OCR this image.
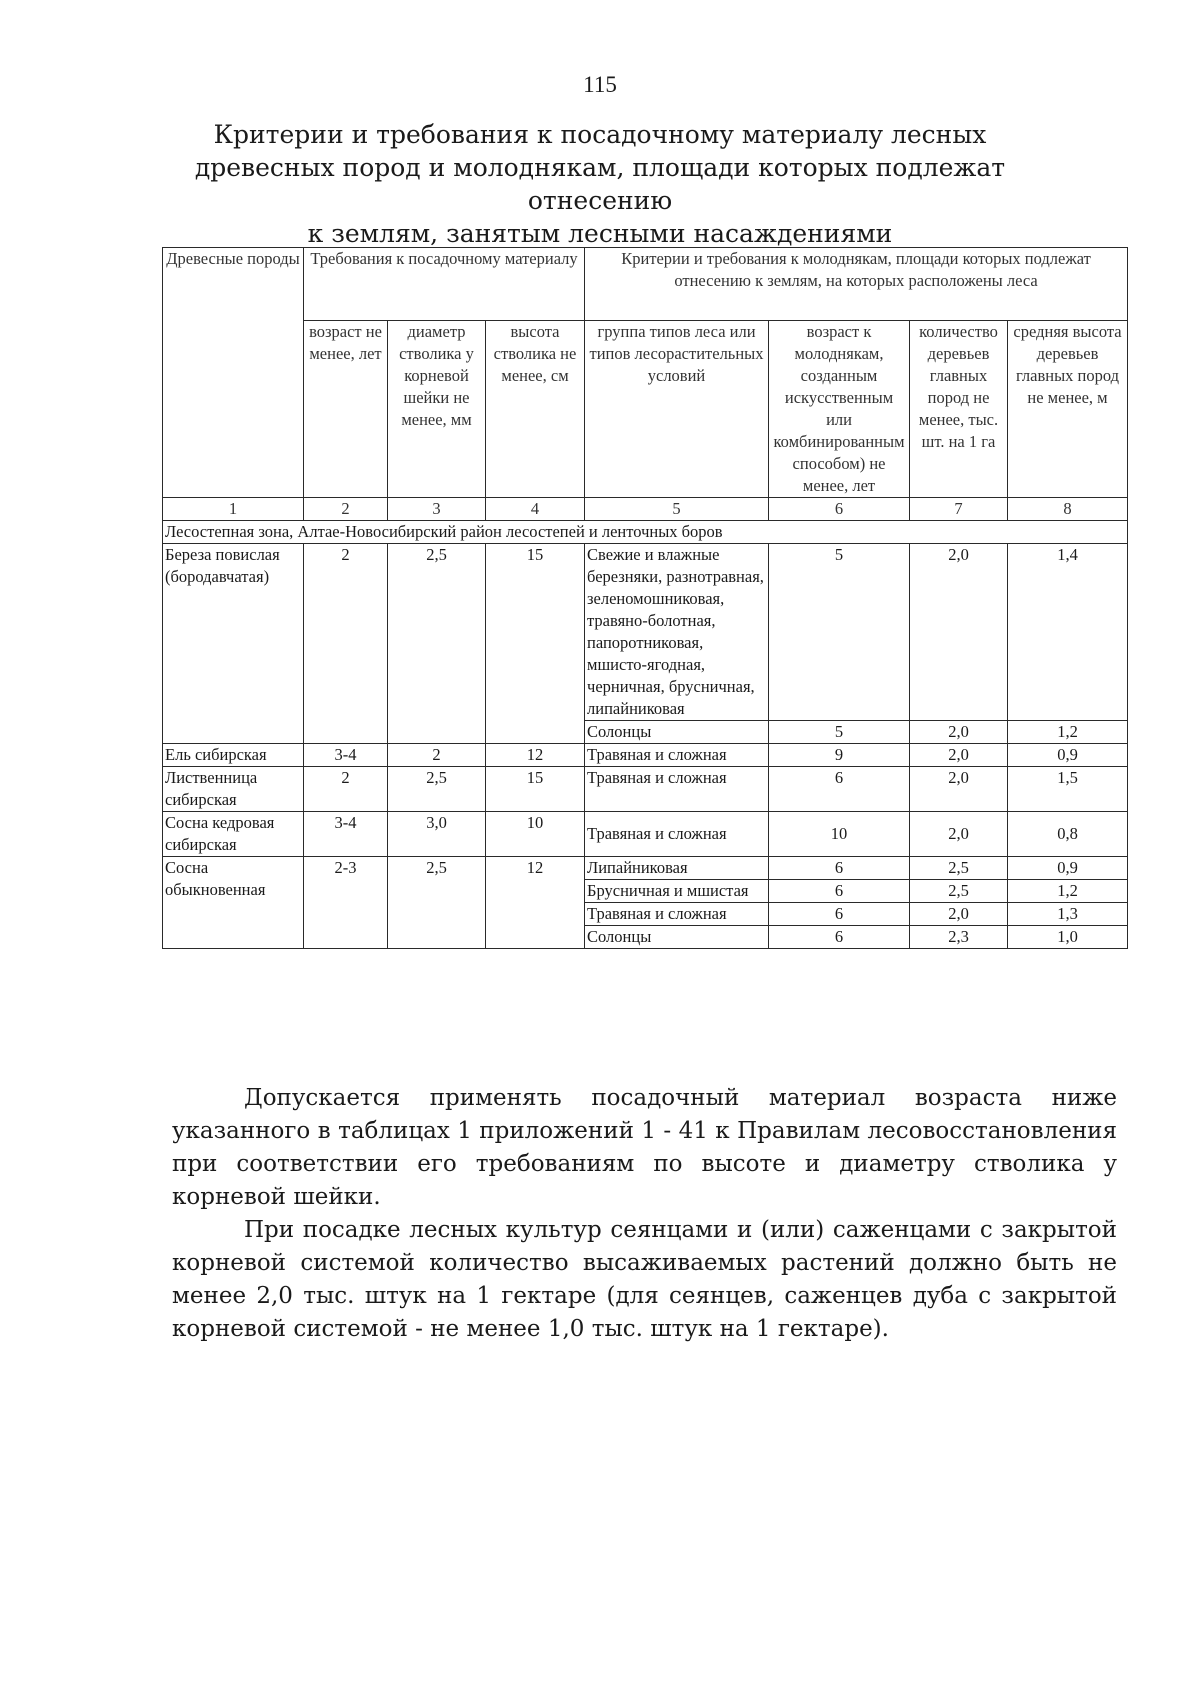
115
Критерии и требования к посадочному материалу лесных
древесных пород и молоднякам, площади которых подлежат отнесению
к землям, занятым лесными насаждениями
Древесные породы	Требования к посадочному материалу			Критерии и требования к молоднякам, площади которых подлежат отнесению к землям, на которых расположены леса			
	возраст не менее, лет	диаметр стволика у корневой шейки не менее, мм	высота стволика не менее, см	группа типов леса или типов лесорастительных условий	возраст к молоднякам, созданным искусственным или комбинированным способом) не менее, лет	количество деревьев главных пород не менее, тыс. шт. на 1 га	средняя высота деревьев главных пород не менее, м
1	2	3	4	5	6	7	8
Лесостепная зона, Алтае-Новосибирский район лесостепей и ленточных боров							
Береза повислая (бородавчатая)	2	2,5	15	Свежие и влажные березняки, разнотравная, зеленомошниковая, травяно-болотная, папоротниковая, мшисто-ягодная, черничная, брусничная, липайниковая	5	2,0	1,4
				Солонцы	5	2,0	1,2
Ель сибирская	3-4	2	12	Травяная и сложная	9	2,0	0,9
Лиственница сибирская	2	2,5	15	Травяная и сложная	6	2,0	1,5
Сосна кедровая сибирская	3-4	3,0	10	Травяная и сложная	10	2,0	0,8
Сосна обыкновенная	2-3	2,5	12	Липайниковая	6	2,5	0,9
				Брусничная и мшистая	6	2,5	1,2
				Травяная и сложная	6	2,0	1,3
				Солонцы	6	2,3	1,0

Допускается применять посадочный материал возраста ниже указанного в таблицах 1 приложений 1 - 41 к Правилам лесовосстановления при соответствии его требованиям по высоте и диаметру стволика у корневой шейки.

При посадке лесных культур сеянцами и (или) саженцами с закрытой корневой системой количество высаживаемых растений должно быть не менее 2,0 тыс. штук на 1 гектаре (для сеянцев, саженцев дуба с закрытой корневой системой - не менее 1,0 тыс. штук на 1 гектаре).
